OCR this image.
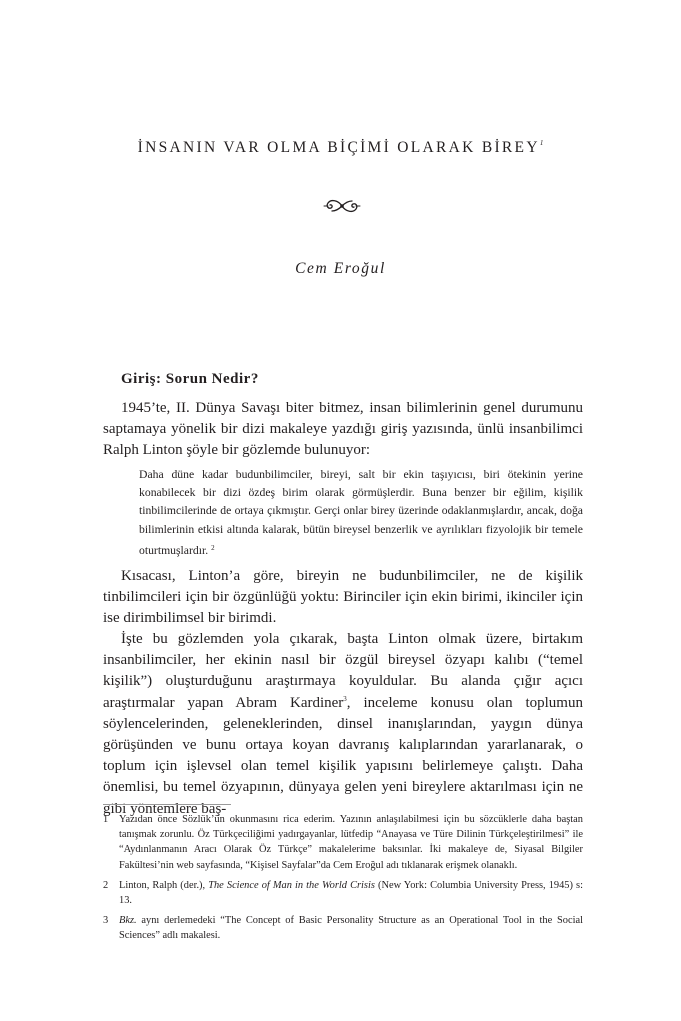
İNSANIN VAR OLMA BİÇİMİ OLARAK BİREY$^1$
Cem Eroğul
Giriş: Sorun Nedir?
1945’te, II. Dünya Savaşı biter bitmez, insan bilimlerinin genel durumunu saptamaya yönelik bir dizi makaleye yazdığı giriş yazısında, ünlü insanbilimci Ralph Linton şöyle bir gözlemde bulunuyor:
Daha düne kadar budunbilimciler, bireyi, salt bir ekin taşıyıcısı, biri ötekinin yerine konabilecek bir dizi özdeş birim olarak görmüşlerdir. Buna benzer bir eğilim, kişilik tinbilimcilerinde de ortaya çıkmıştır. Gerçi onlar birey üzerinde odaklanmışlardır, ancak, doğa bilimlerinin etkisi altında kalarak, bütün bireysel benzerlik ve ayrılıkları fizyolojik bir temele oturtmuşlardır. $^2$
Kısacası, Linton’a göre, bireyin ne budunbilimciler, ne de kişilik tinbilimcileri için bir özgünlüğü yoktu: Birinciler için ekin birimi, ikinciler için ise dirimbilimsel bir birimdi.
İşte bu gözlemden yola çıkarak, başta Linton olmak üzere, birtakım insanbilimciler, her ekinin nasıl bir özgül bireysel özyapı kalıbı (“temel kişilik”) oluşturduğunu araştırmaya koyuldular. Bu alanda çığır açıcı araştırmalar yapan Abram Kardiner$^3$, inceleme konusu olan toplumun söylencelerinden, geleneklerinden, dinsel inanışlarından, yaygın dünya görüşünden ve bunu ortaya koyan davranış kalıplarından yararlanarak, o toplum için işlevsel olan temel kişilik yapısını belirlemeye çalıştı. Daha önemlisi, bu temel özyapının, dünyaya gelen yeni bireylere aktarılması için ne gibi yöntemlere baş-
1 Yazıdan önce Sözlük’ün okunmasını rica ederim. Yazının anlaşılabilmesi için bu sözcüklerle daha baştan tanışmak zorunlu. Öz Türkçeciliğimi yadırgayanlar, lütfedip “Anayasa ve Türe Dilinin Türkçeleştirilmesi” ile “Aydınlanmanın Aracı Olarak Öz Türkçe” makalelerime baksınlar. İki makaleye de, Siyasal Bilgiler Fakültesi’nin web sayfasında, “Kişisel Sayfalar”da Cem Eroğul adı tıklanarak erişmek olanaklı.
2 Linton, Ralph (der.), The Science of Man in the World Crisis (New York: Columbia University Press, 1945) s: 13.
3 Bkz. aynı derlemedeki “The Concept of Basic Personality Structure as an Operational Tool in the Social Sciences” adlı makalesi.
